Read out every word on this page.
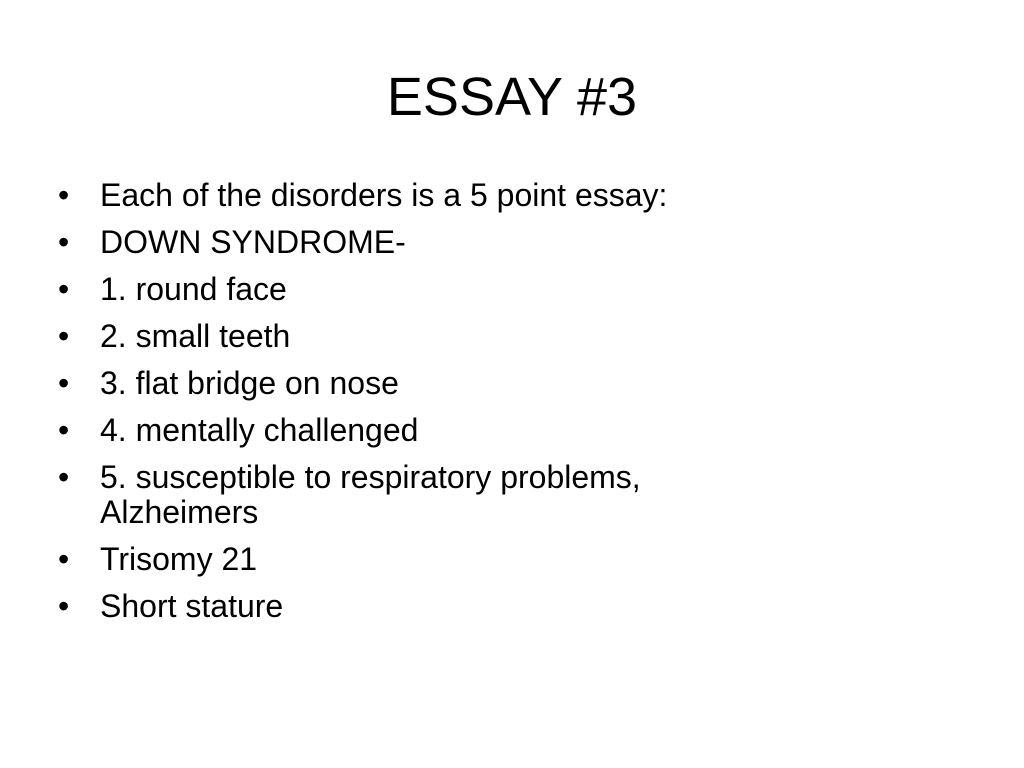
ESSAY #3
• Each of the disorders is a 5 point essay:
• DOWN SYNDROME-
• 1. round face
• 2. small teeth
• 3. flat bridge on nose
• 4. mentally challenged
• 5. susceptible to respiratory problems,
Alzheimers
• Trisomy 21
• Short stature
